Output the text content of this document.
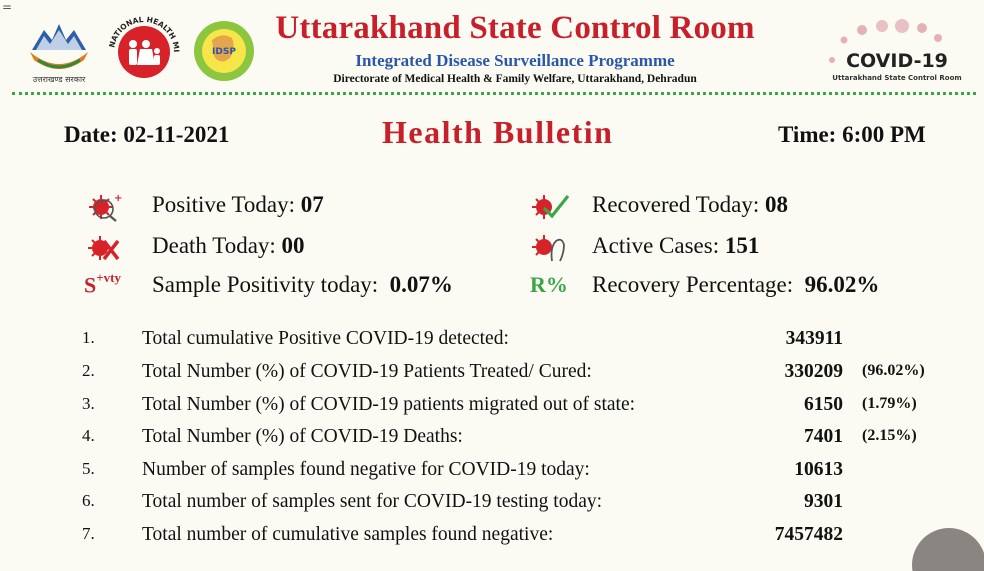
=
उत्तराखण्ड सरकार
NATIONAL HEALTH MI	IDSP
Uttarakhand State Control Room
Integrated Disease Surveillance Programme
Directorate of Medical Health & Family Welfare, Uttarakhand, Dehradun
COVID-19
Uttarakhand State Control Room
Date: 02-11-2021	Health Bulletin	Time: 6:00 PM
+ Positive Today: 07	Recovered Today: 08
Death Today: 00	Active Cases: 151
$S^{+vty}$ Sample Positivity today: 0.07%	R% Recovery Percentage: 96.02%
1. Total cumulative Positive COVID-19 detected:	343911
2. Total Number (%) of COVID-19 Patients Treated/ Cured:	330209 (96.02%)
3. Total Number (%) of COVID-19 patients migrated out of state:	6150 (1.79%)
4. Total Number (%) of COVID-19 Deaths:	7401 (2.15%)
5. Number of samples found negative for COVID-19 today:	10613
6. Total number of samples sent for COVID-19 testing today:	9301
7. Total number of cumulative samples found negative:	7457482
